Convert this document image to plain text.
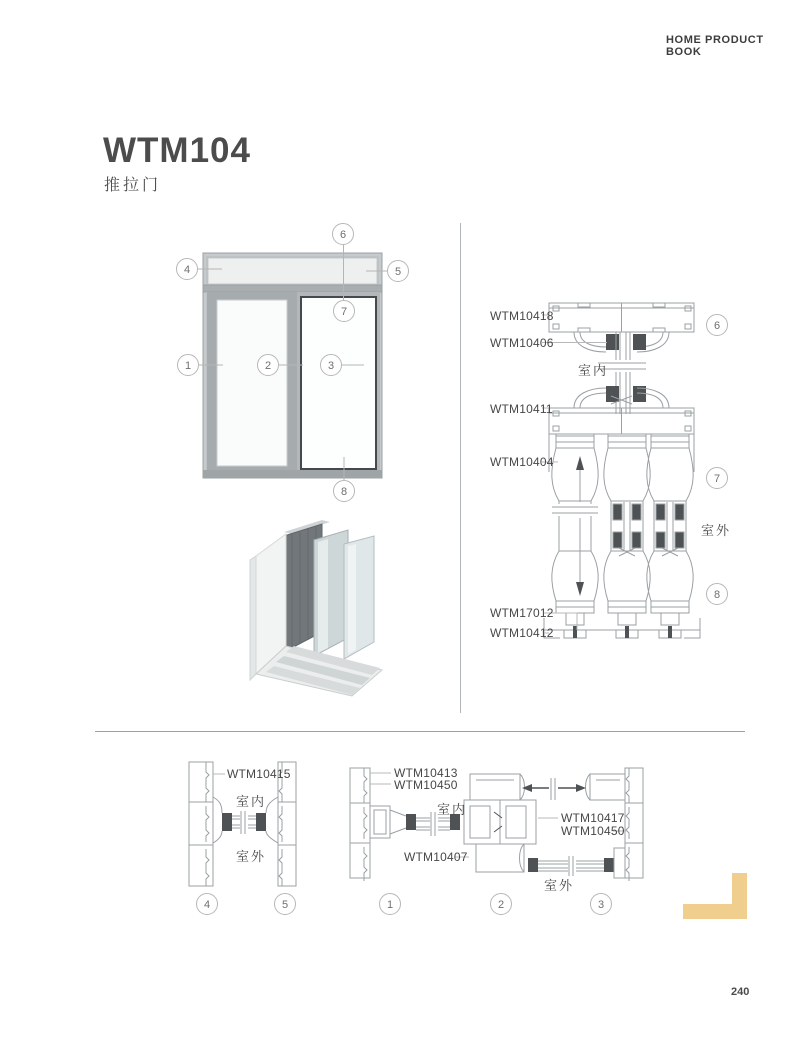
HOME PRODUCT BOOK
WTM104
推拉门
1	2	3
4	5
6
7
8
WTM10418
WTM10406
室内
WTM10411
WTM10404
室外
WTM17012
WTM10412
6
7
8
WTM10415
室内
室外
4	5
WTM10413
WTM10450
室内
WTM10417
WTM10450
WTM10407
室外
1	2	3
240
